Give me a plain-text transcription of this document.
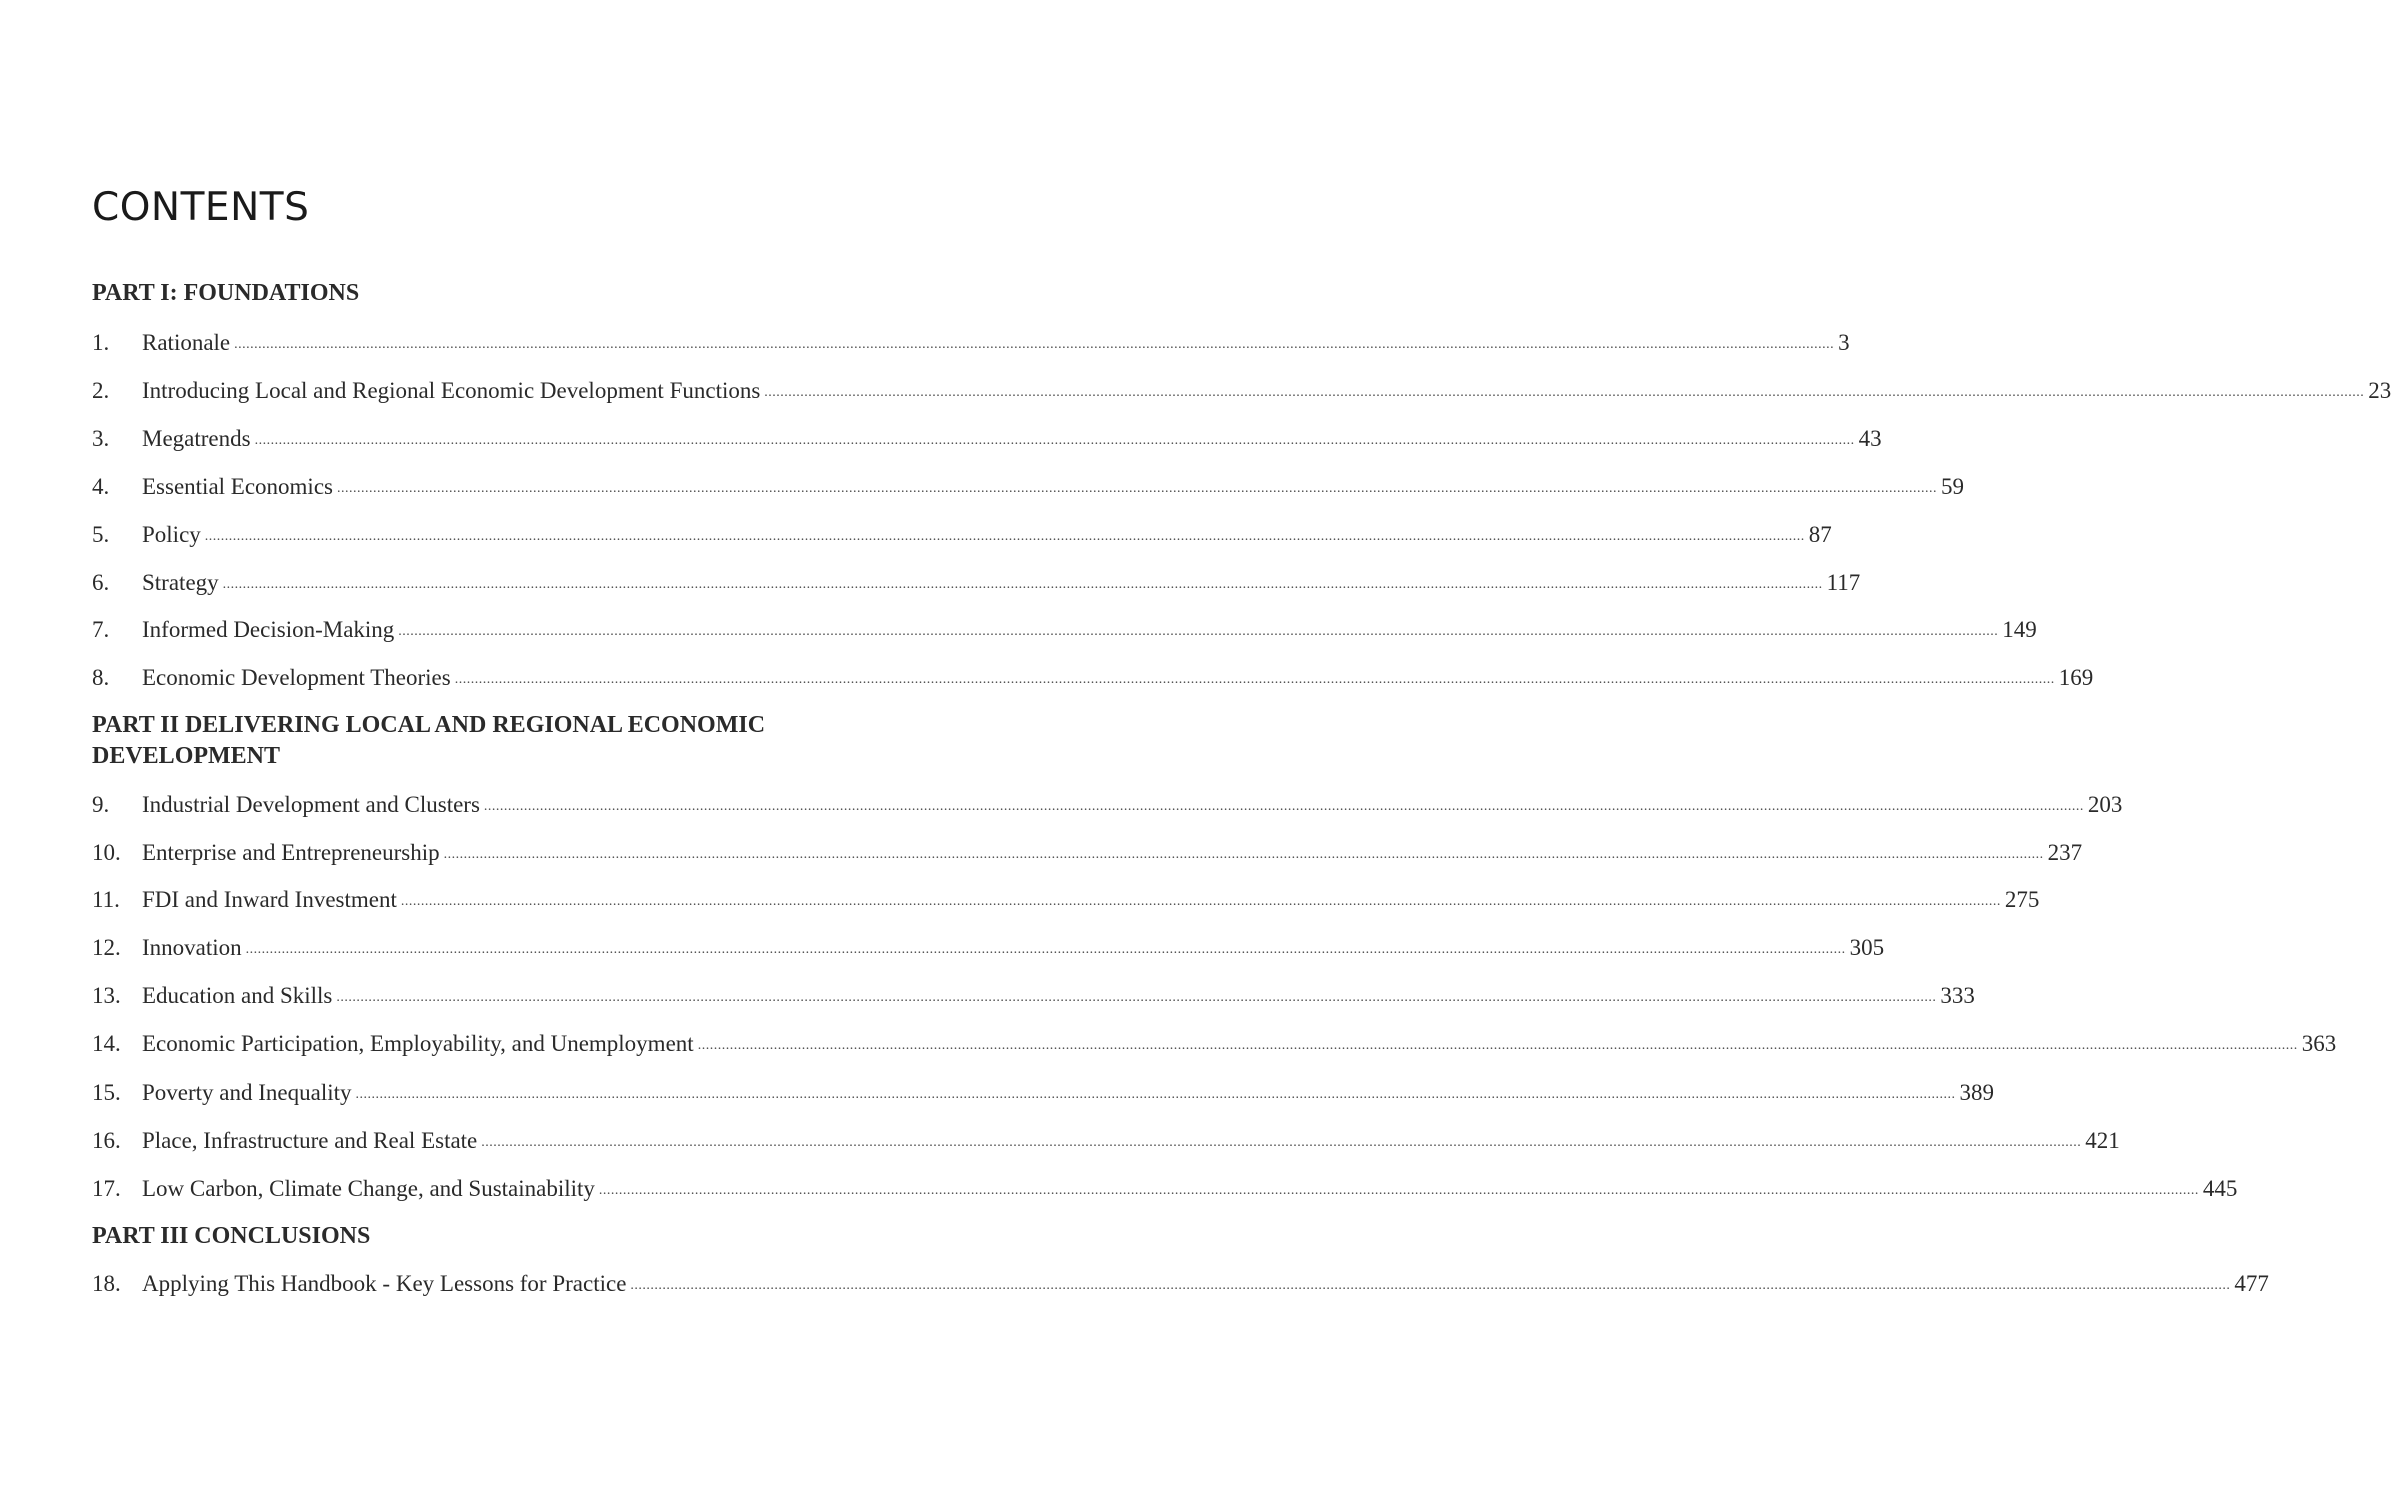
CONTENTS
PART I: FOUNDATIONS
1.	Rationale ................................................................................................................................................................................................................................................................................................................................................................................................................ 3
2.	Introducing Local and Regional Economic Development Functions ................................................................................................................................................................................................................................................................................................................................................................................................................ 23
3.	Megatrends ................................................................................................................................................................................................................................................................................................................................................................................................................ 43
4.	Essential Economics ................................................................................................................................................................................................................................................................................................................................................................................................................ 59
5.	Policy ................................................................................................................................................................................................................................................................................................................................................................................................................ 87
6.	Strategy ................................................................................................................................................................................................................................................................................................................................................................................................................ 117
7.	Informed Decision-Making ................................................................................................................................................................................................................................................................................................................................................................................................................ 149
8.	Economic Development Theories ................................................................................................................................................................................................................................................................................................................................................................................................................ 169
PART II DELIVERING LOCAL AND REGIONAL ECONOMIC DEVELOPMENT
9.	Industrial Development and Clusters ................................................................................................................................................................................................................................................................................................................................................................................................................ 203
10. Enterprise and Entrepreneurship ................................................................................................................................................................................................................................................................................................................................................................................................................ 237
11. FDI and Inward Investment ................................................................................................................................................................................................................................................................................................................................................................................................................ 275
12. Innovation ................................................................................................................................................................................................................................................................................................................................................................................................................ 305
13. Education and Skills ................................................................................................................................................................................................................................................................................................................................................................................................................ 333
14. Economic Participation, Employability, and Unemployment ................................................................................................................................................................................................................................................................................................................................................................................................................ 363
15. Poverty and Inequality ................................................................................................................................................................................................................................................................................................................................................................................................................ 389
16. Place, Infrastructure and Real Estate ................................................................................................................................................................................................................................................................................................................................................................................................................ 421
17. Low Carbon, Climate Change, and Sustainability ................................................................................................................................................................................................................................................................................................................................................................................................................ 445
PART III CONCLUSIONS
18. Applying This Handbook - Key Lessons for Practice ................................................................................................................................................................................................................................................................................................................................................................................................................ 477
